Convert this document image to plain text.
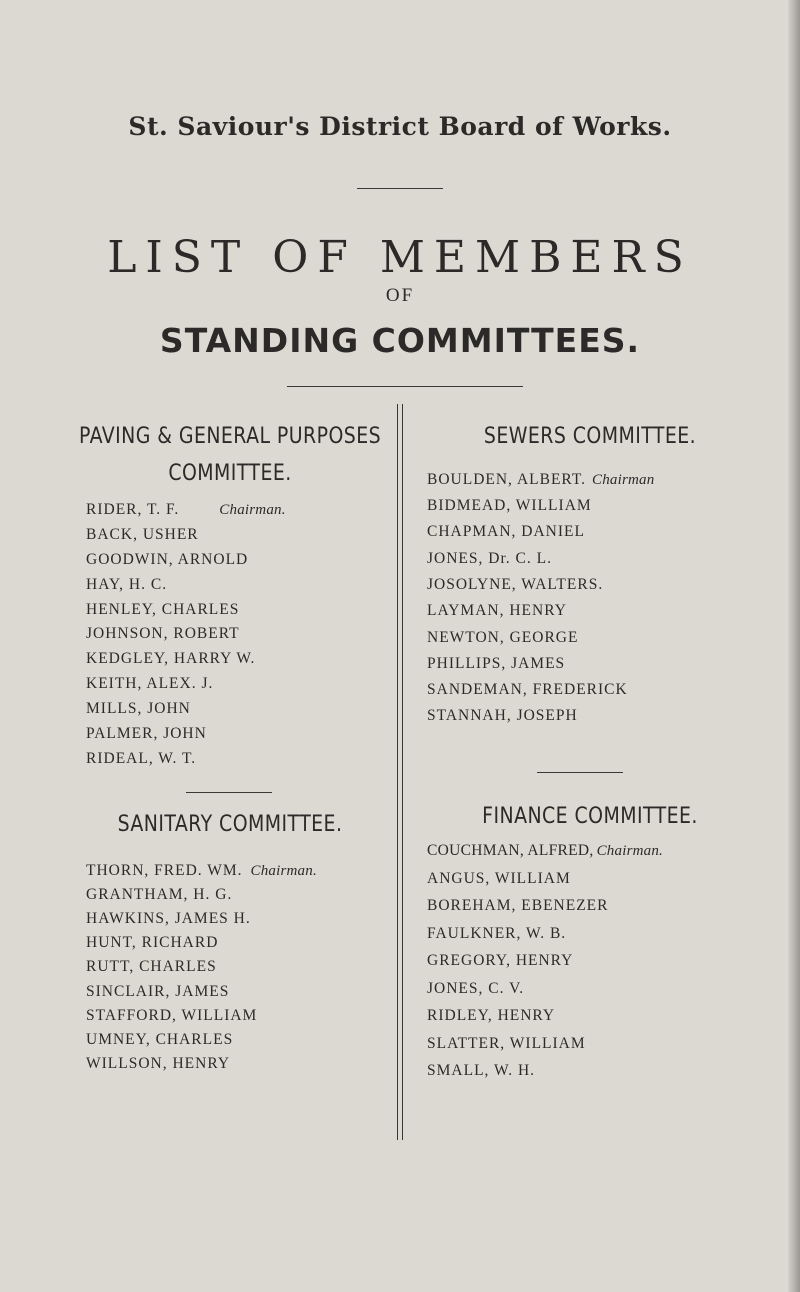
St. Saviour's District Board of Works.
LIST OF MEMBERS
OF
STANDING COMMITTEES.
PAVING & GENERAL PURPOSES
COMMITTEE.
RIDER, T. F.	Chairman.
BACK, USHER
GOODWIN, ARNOLD
HAY, H. C.
HENLEY, CHARLES
JOHNSON, ROBERT
KEDGLEY, HARRY W.
KEITH, ALEX. J.
MILLS, JOHN
PALMER, JOHN
RIDEAL, W. T.
SANITARY COMMITTEE.
THORN, FRED. WM. Chairman.
GRANTHAM, H. G.
HAWKINS, JAMES H.
HUNT, RICHARD
RUTT, CHARLES
SINCLAIR, JAMES
STAFFORD, WILLIAM
UMNEY, CHARLES
WILLSON, HENRY
SEWERS COMMITTEE.
BOULDEN, ALBERT. Chairman
BIDMEAD, WILLIAM
CHAPMAN, DANIEL
JONES, Dr. C. L.
JOSOLYNE, WALTERS.
LAYMAN, HENRY
NEWTON, GEORGE
PHILLIPS, JAMES
SANDEMAN, FREDERICK
STANNAH, JOSEPH
FINANCE COMMITTEE.
COUCHMAN, ALFRED, Chairman.
ANGUS, WILLIAM
BOREHAM, EBENEZER
FAULKNER, W. B.
GREGORY, HENRY
JONES, C. V.
RIDLEY, HENRY
SLATTER, WILLIAM
SMALL, W. H.
